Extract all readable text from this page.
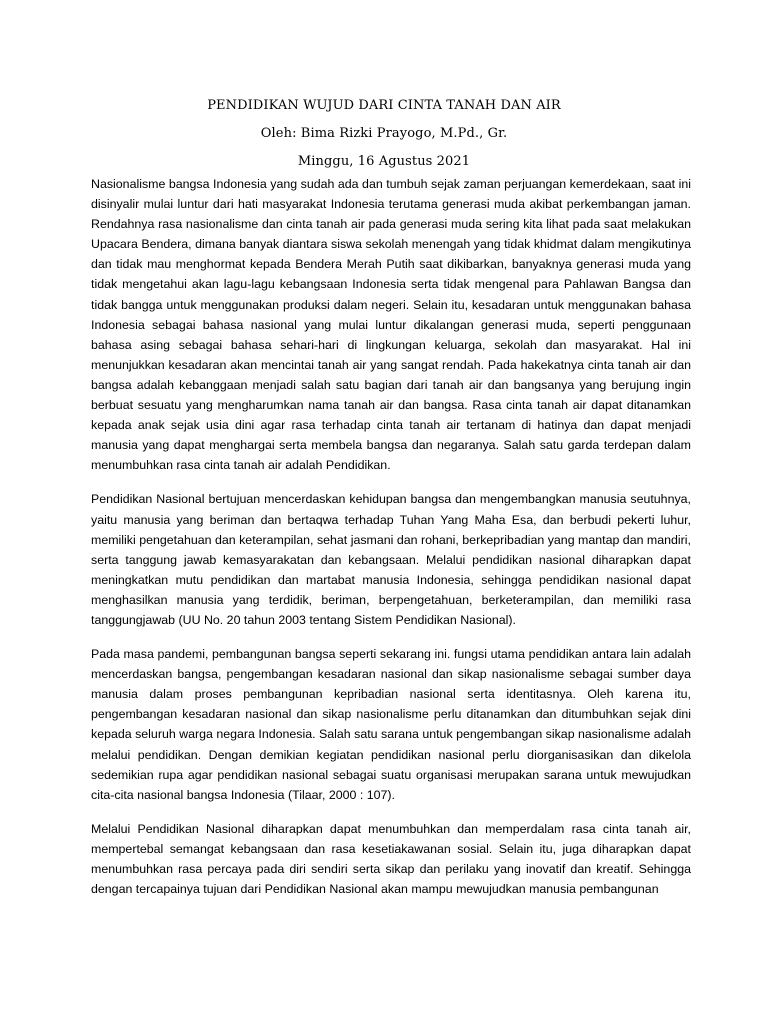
PENDIDIKAN WUJUD DARI CINTA TANAH DAN AIR
Oleh: Bima Rizki Prayogo, M.Pd., Gr.
Minggu, 16 Agustus 2021

Nasionalisme bangsa Indonesia yang sudah ada dan tumbuh sejak zaman perjuangan kemerdekaan, saat ini disinyalir mulai luntur dari hati masyarakat Indonesia terutama generasi muda akibat perkembangan jaman. Rendahnya rasa nasionalisme dan cinta tanah air pada generasi muda sering kita lihat pada saat melakukan Upacara Bendera, dimana banyak diantara siswa sekolah menengah yang tidak khidmat dalam mengikutinya dan tidak mau menghormat kepada Bendera Merah Putih saat dikibarkan, banyaknya generasi muda yang tidak mengetahui akan lagu-lagu kebangsaan Indonesia serta tidak mengenal para Pahlawan Bangsa dan tidak bangga untuk menggunakan produksi dalam negeri. Selain itu, kesadaran untuk menggunakan bahasa Indonesia sebagai bahasa nasional yang mulai luntur dikalangan generasi muda, seperti penggunaan bahasa asing sebagai bahasa sehari-hari di lingkungan keluarga, sekolah dan masyarakat. Hal ini menunjukkan kesadaran akan mencintai tanah air yang sangat rendah. Pada hakekatnya cinta tanah air dan bangsa adalah kebanggaan menjadi salah satu bagian dari tanah air dan bangsanya yang berujung ingin berbuat sesuatu yang mengharumkan nama tanah air dan bangsa. Rasa cinta tanah air dapat ditanamkan kepada anak sejak usia dini agar rasa terhadap cinta tanah air tertanam di hatinya dan dapat menjadi manusia yang dapat menghargai serta membela bangsa dan negaranya. Salah satu garda terdepan dalam menumbuhkan rasa cinta tanah air adalah Pendidikan.

Pendidikan Nasional bertujuan mencerdaskan kehidupan bangsa dan mengembangkan manusia seutuhnya, yaitu manusia yang beriman dan bertaqwa terhadap Tuhan Yang Maha Esa, dan berbudi pekerti luhur, memiliki pengetahuan dan keterampilan, sehat jasmani dan rohani, berkepribadian yang mantap dan mandiri, serta tanggung jawab kemasyarakatan dan kebangsaan. Melalui pendidikan nasional diharapkan dapat meningkatkan mutu pendidikan dan martabat manusia Indonesia, sehingga pendidikan nasional dapat menghasilkan manusia yang terdidik, beriman, berpengetahuan, berketerampilan, dan memiliki rasa tanggungjawab (UU No. 20 tahun 2003 tentang Sistem Pendidikan Nasional).

Pada masa pandemi, pembangunan bangsa seperti sekarang ini. fungsi utama pendidikan antara lain adalah mencerdaskan bangsa, pengembangan kesadaran nasional dan sikap nasionalisme sebagai sumber daya manusia dalam proses pembangunan kepribadian nasional serta identitasnya. Oleh karena itu, pengembangan kesadaran nasional dan sikap nasionalisme perlu ditanamkan dan ditumbuhkan sejak dini kepada seluruh warga negara Indonesia. Salah satu sarana untuk pengembangan sikap nasionalisme adalah melalui pendidikan. Dengan demikian kegiatan pendidikan nasional perlu diorganisasikan dan dikelola sedemikian rupa agar pendidikan nasional sebagai suatu organisasi merupakan sarana untuk mewujudkan cita-cita nasional bangsa Indonesia (Tilaar, 2000 : 107).

Melalui Pendidikan Nasional diharapkan dapat menumbuhkan dan memperdalam rasa cinta tanah air, mempertebal semangat kebangsaan dan rasa kesetiakawanan sosial. Selain itu, juga diharapkan dapat menumbuhkan rasa percaya pada diri sendiri serta sikap dan perilaku yang inovatif dan kreatif. Sehingga dengan tercapainya tujuan dari Pendidikan Nasional akan mampu mewujudkan manusia pembangunan
